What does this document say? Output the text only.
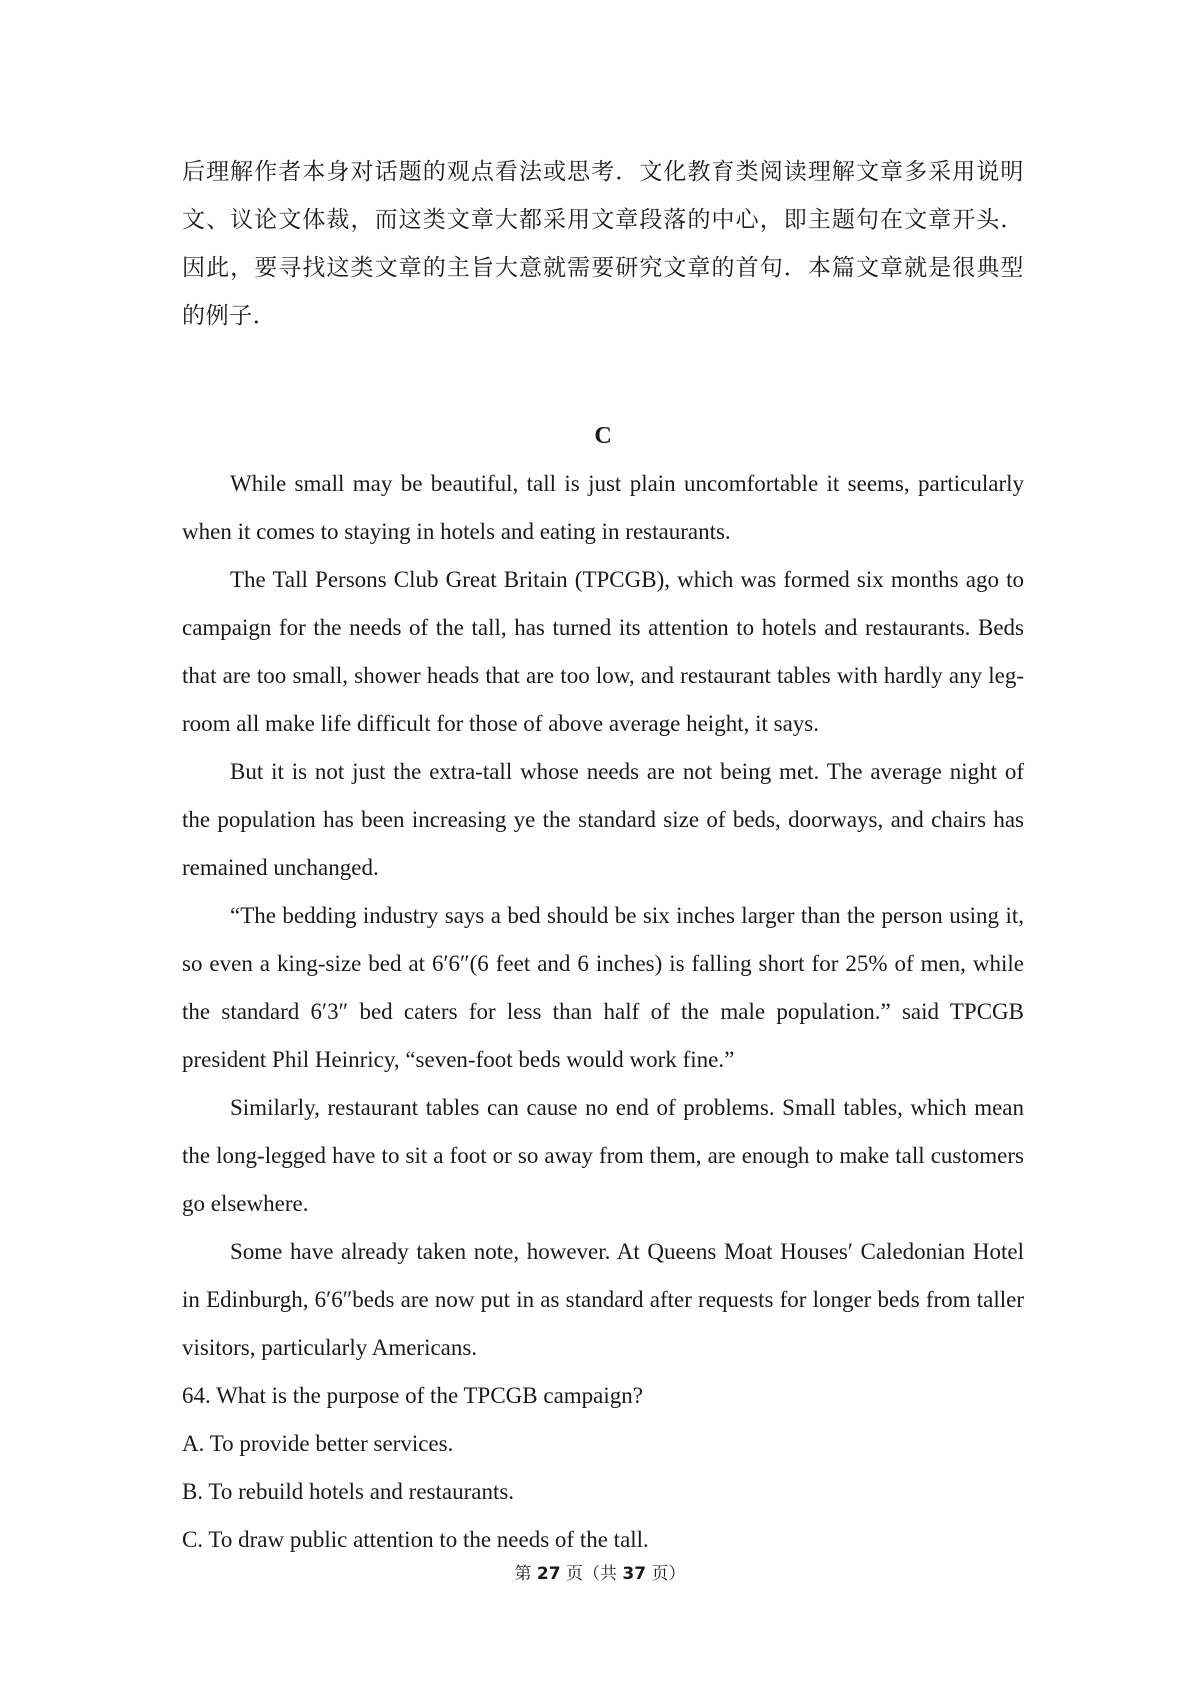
后理解作者本身对话题的观点看法或思考．文化教育类阅读理解文章多采用说明文、议论文体裁，而这类文章大都采用文章段落的中心，即主题句在文章开头．因此，要寻找这类文章的主旨大意就需要研究文章的首句．本篇文章就是很典型的例子．

C

While small may be beautiful, tall is just plain uncomfortable it seems, particularly when it comes to staying in hotels and eating in restaurants.

The Tall Persons Club Great Britain (TPCGB), which was formed six months ago to campaign for the needs of the tall, has turned its attention to hotels and restaurants. Beds that are too small, shower heads that are too low, and restaurant tables with hardly any leg-room all make life difficult for those of above average height, it says.

But it is not just the extra-tall whose needs are not being met. The average night of the population has been increasing ye the standard size of beds, doorways, and chairs has remained unchanged.

“The bedding industry says a bed should be six inches larger than the person using it, so even a king-size bed at 6′6″(6 feet and 6 inches) is falling short for 25% of men, while the standard 6′3″ bed caters for less than half of the male population.” said TPCGB president Phil Heinricy, “seven-foot beds would work fine.”

Similarly, restaurant tables can cause no end of problems. Small tables, which mean the long-legged have to sit a foot or so away from them, are enough to make tall customers go elsewhere.

Some have already taken note, however. At Queens Moat Houses′ Caledonian Hotel in Edinburgh, 6′6″beds are now put in as standard after requests for longer beds from taller visitors, particularly Americans.

64. What is the purpose of the TPCGB campaign?

A. To provide better services.

B. To rebuild hotels and restaurants.

C. To draw public attention to the needs of the tall.

第 27 页（共 37 页）
